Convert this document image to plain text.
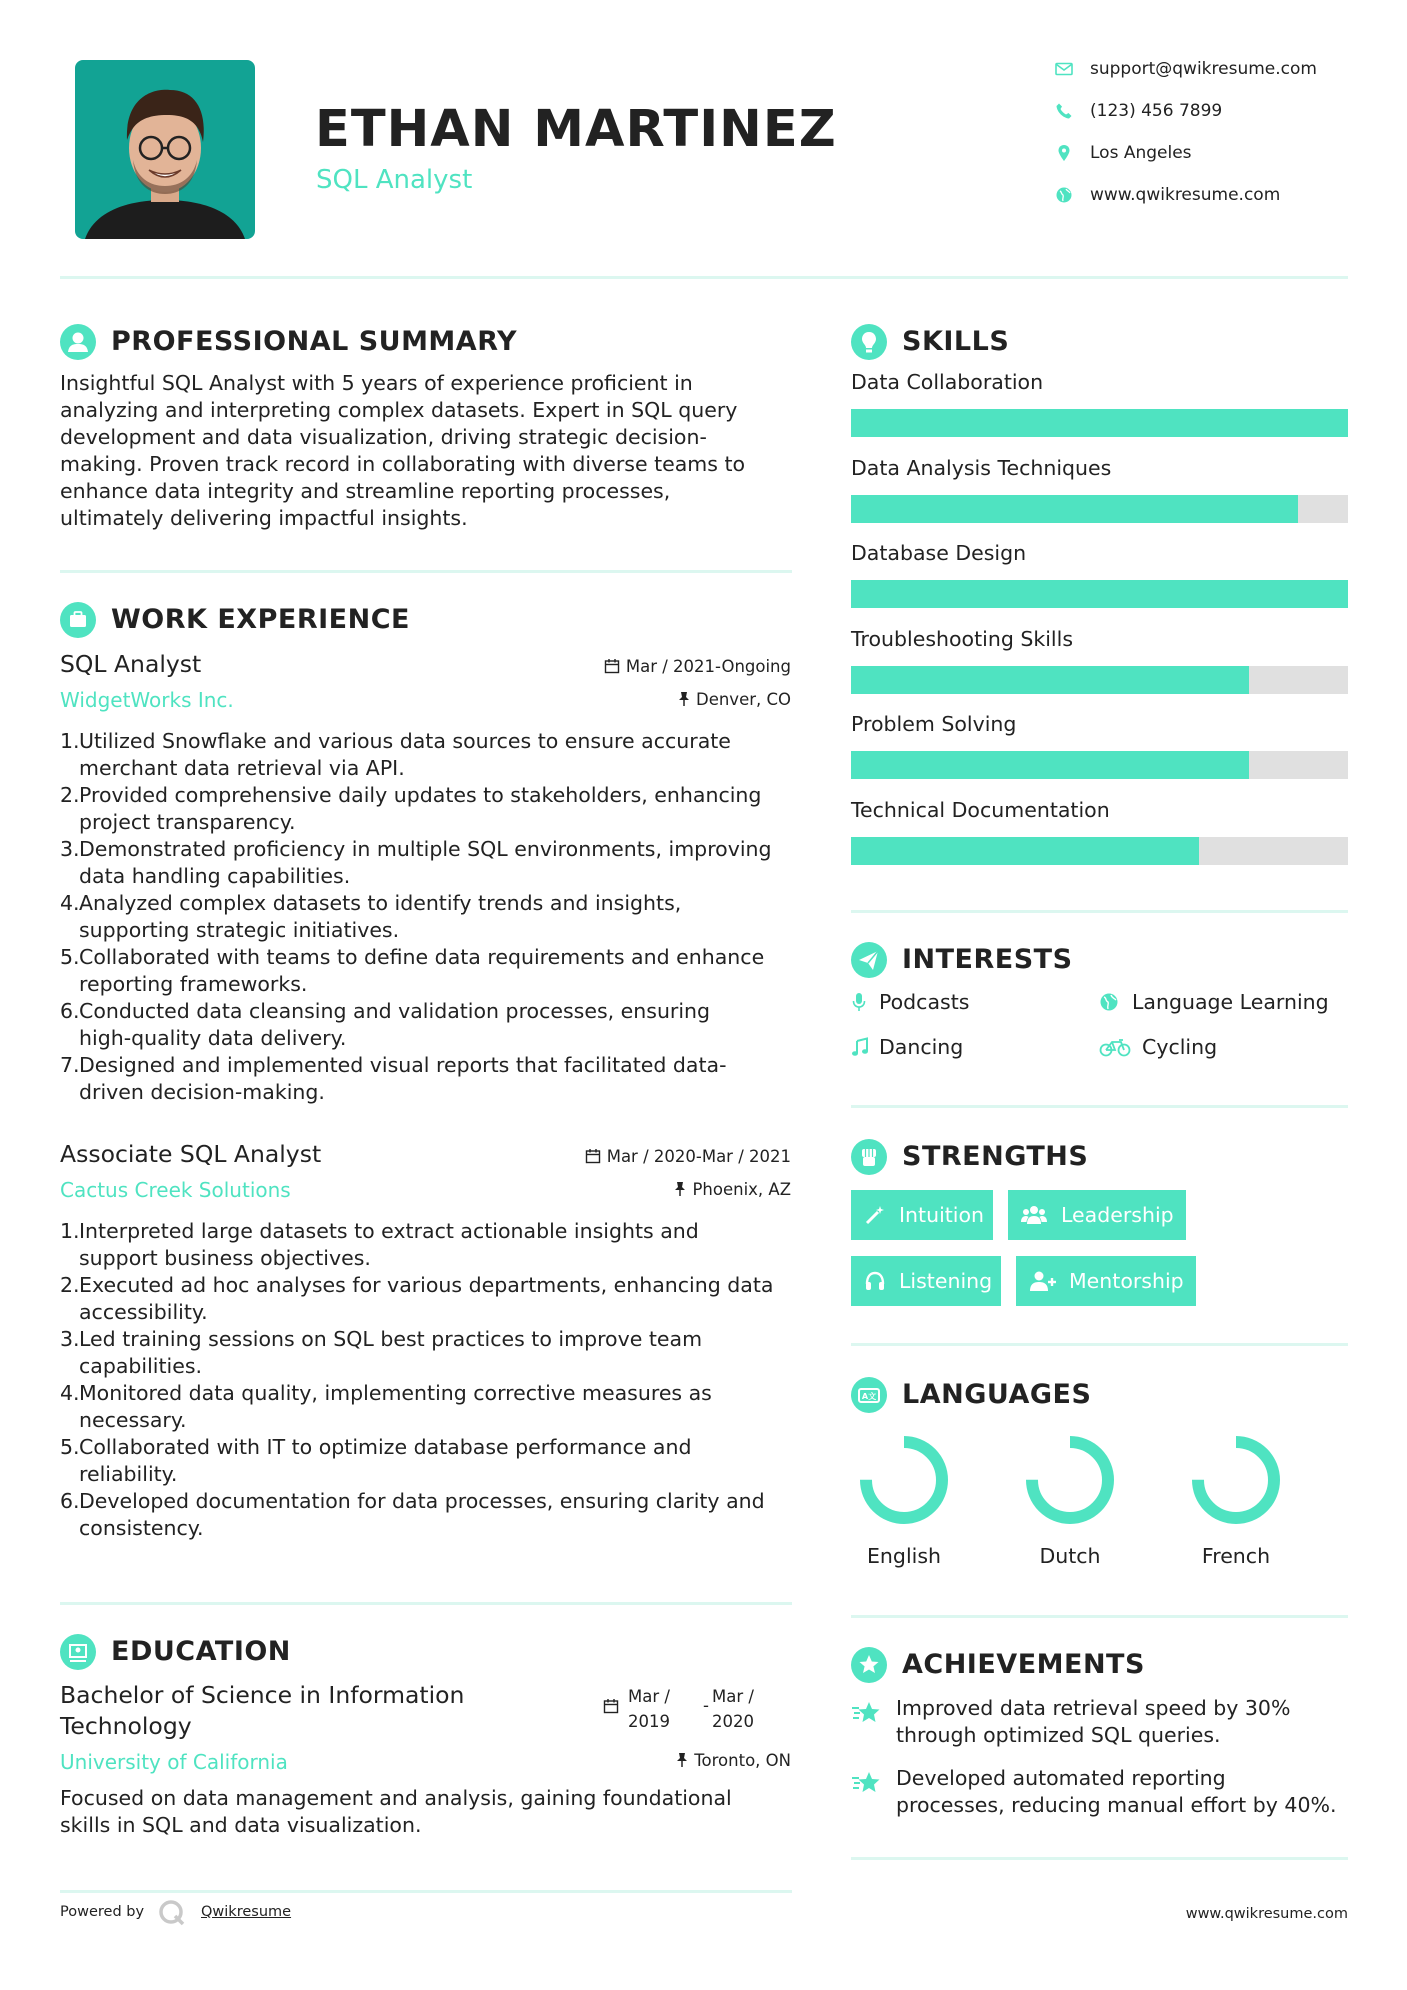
ETHAN MARTINEZ
SQL Analyst
support@qwikresume.com
(123) 456 7899
Los Angeles
www.qwikresume.com
PROFESSIONAL SUMMARY
Insightful SQL Analyst with 5 years of experience proficient in
analyzing and interpreting complex datasets. Expert in SQL query
development and data visualization, driving strategic decision-
making. Proven track record in collaborating with diverse teams to
enhance data integrity and streamline reporting processes,
ultimately delivering impactful insights.
WORK EXPERIENCE
SQL Analyst	Mar / 2021-Ongoing
WidgetWorks Inc.	Denver, CO
1. Utilized Snowflake and various data sources to ensure accurate
merchant data retrieval via API.
2. Provided comprehensive daily updates to stakeholders, enhancing
project transparency.
3. Demonstrated proficiency in multiple SQL environments, improving
data handling capabilities.
4. Analyzed complex datasets to identify trends and insights,
supporting strategic initiatives.
5. Collaborated with teams to define data requirements and enhance
reporting frameworks.
6. Conducted data cleansing and validation processes, ensuring
high-quality data delivery.
7. Designed and implemented visual reports that facilitated data-
driven decision-making.
Associate SQL Analyst	Mar / 2020-Mar / 2021
Cactus Creek Solutions	Phoenix, AZ
1. Interpreted large datasets to extract actionable insights and
support business objectives.
2. Executed ad hoc analyses for various departments, enhancing data
accessibility.
3. Led training sessions on SQL best practices to improve team
capabilities.
4. Monitored data quality, implementing corrective measures as
necessary.
5. Collaborated with IT to optimize database performance and
reliability.
6. Developed documentation for data processes, ensuring clarity and
consistency.
EDUCATION
Bachelor of Science in Information
Technology
Mar /
2019
- Mar /
2020
University of California	Toronto, ON
Focused on data management and analysis, gaining foundational
skills in SQL and data visualization.
SKILLS
Data Collaboration
Data Analysis Techniques
Database Design
Troubleshooting Skills
Problem Solving
Technical Documentation
INTERESTS
Podcasts	Language Learning
Dancing	Cycling
STRENGTHS
Intuition	Leadership
Listening	Mentorship
A文 LANGUAGES
English	Dutch	French
ACHIEVEMENTS
Improved data retrieval speed by 30%
through optimized SQL queries.
Developed automated reporting
processes, reducing manual effort by 40%.
Powered by	Qwikresume	www.qwikresume.com
